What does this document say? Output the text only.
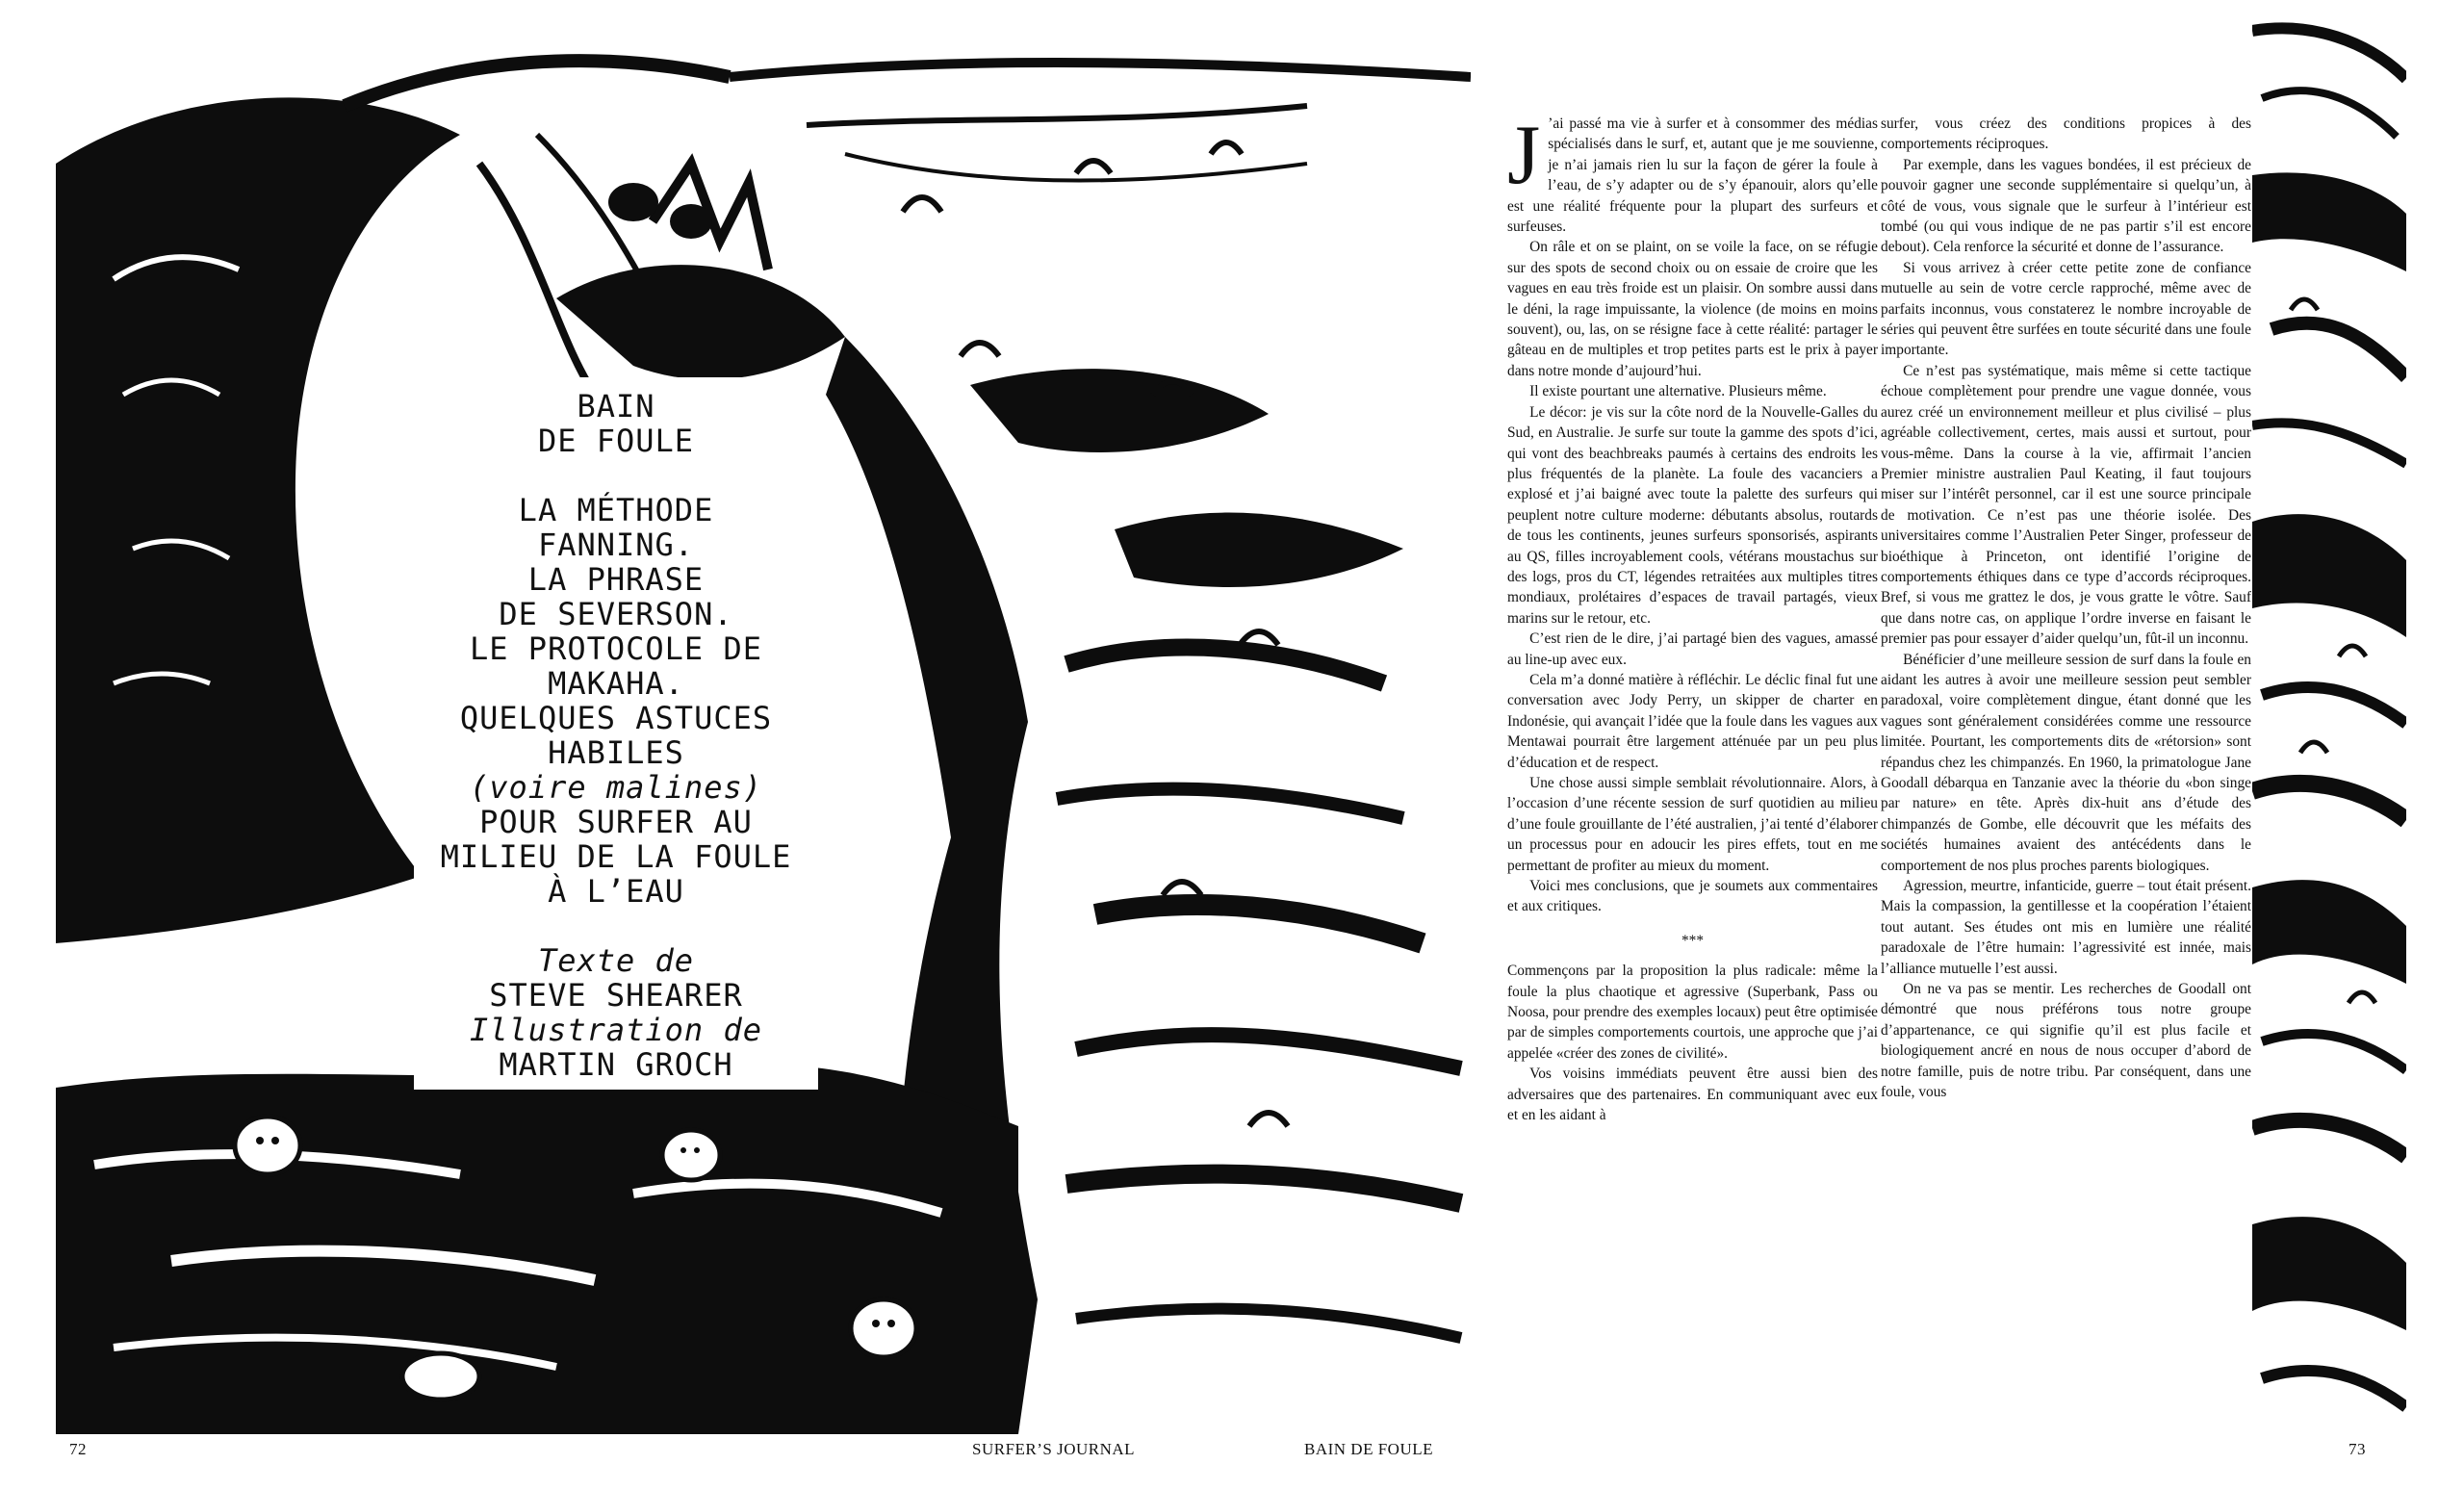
BAIN
DE FOULE
LA MÉTHODE
FANNING.
LA PHRASE
DE SEVERSON.
LE PROTOCOLE DE
MAKAHA.
QUELQUES ASTUCES
HABILES
(voire malines)
POUR SURFER AU
MILIEU DE LA FOULE
À L’EAU
Texte de
STEVE SHEARER
Illustration de
MARTIN GROCH

J ’ai passé ma vie à surfer et à consommer des médias spécialisés dans le surf, et, autant que je me souvienne, je n’ai jamais rien lu sur la façon de gérer la foule à l’eau, de s’y adapter ou de s’y épanouir, alors qu’elle est une réalité fréquente pour la plupart des surfeurs et surfeuses.

On râle et on se plaint, on se voile la face, on se réfugie sur des spots de second choix ou on essaie de croire que les vagues en eau très froide est un plaisir. On sombre aussi dans le déni, la rage impuissante, la violence (de moins en moins souvent), ou, las, on se résigne face à cette réalité: partager le gâteau en de multiples et trop petites parts est le prix à payer dans notre monde d’aujourd’hui.

Il existe pourtant une alternative. Plusieurs même.

Le décor: je vis sur la côte nord de la Nouvelle-Galles du Sud, en Australie. Je surfe sur toute la gamme des spots d’ici, qui vont des beachbreaks paumés à certains des endroits les plus fréquentés de la planète. La foule des vacanciers a explosé et j’ai baigné avec toute la palette des surfeurs qui peuplent notre culture moderne: débutants absolus, routards de tous les continents, jeunes surfeurs sponsorisés, aspirants au QS, filles incroyablement cools, vétérans moustachus sur des logs, pros du CT, légendes retraitées aux multiples titres mondiaux, prolétaires d’espaces de travail partagés, vieux marins sur le retour, etc.

C’est rien de le dire, j’ai partagé bien des vagues, amassé au line-up avec eux.

Cela m’a donné matière à réfléchir. Le déclic final fut une conversation avec Jody Perry, un skipper de charter en Indonésie, qui avançait l’idée que la foule dans les vagues aux Mentawai pourrait être largement atténuée par un peu plus d’éducation et de respect.

Une chose aussi simple semblait révolutionnaire. Alors, à l’occasion d’une récente session de surf quotidien au milieu d’une foule grouillante de l’été australien, j’ai tenté d’élaborer un processus pour en adoucir les pires effets, tout en me permettant de profiter au mieux du moment.

Voici mes conclusions, que je soumets aux commentaires et aux critiques.

***

Commençons par la proposition la plus radicale: même la foule la plus chaotique et agressive (Superbank, Pass ou Noosa, pour prendre des exemples locaux) peut être optimisée par de simples comportements courtois, une approche que j’ai appelée «créer des zones de civilité».

Vos voisins immédiats peuvent être aussi bien des adversaires que des partenaires. En communiquant avec eux et en les aidant à

surfer, vous créez des conditions propices à des comportements réciproques.

Par exemple, dans les vagues bondées, il est précieux de pouvoir gagner une seconde supplémentaire si quelqu’un, à côté de vous, vous signale que le surfeur à l’intérieur est tombé (ou qui vous indique de ne pas partir s’il est encore debout). Cela renforce la sécurité et donne de l’assurance.

Si vous arrivez à créer cette petite zone de confiance mutuelle au sein de votre cercle rapproché, même avec de parfaits inconnus, vous constaterez le nombre incroyable de séries qui peuvent être surfées en toute sécurité dans une foule importante.

Ce n’est pas systématique, mais même si cette tactique échoue complètement pour prendre une vague donnée, vous aurez créé un environnement meilleur et plus civilisé – plus agréable collectivement, certes, mais aussi et surtout, pour vous-même. Dans la course à la vie, affirmait l’ancien Premier ministre australien Paul Keating, il faut toujours miser sur l’intérêt personnel, car il est une source principale de motivation. Ce n’est pas une théorie isolée. Des universitaires comme l’Australien Peter Singer, professeur de bioéthique à Princeton, ont identifié l’origine de comportements éthiques dans ce type d’accords réciproques. Bref, si vous me grattez le dos, je vous gratte le vôtre. Sauf que dans notre cas, on applique l’ordre inverse en faisant le premier pas pour essayer d’aider quelqu’un, fût-il un inconnu.

Bénéficier d’une meilleure session de surf dans la foule en aidant les autres à avoir une meilleure session peut sembler paradoxal, voire complètement dingue, étant donné que les vagues sont généralement considérées comme une ressource limitée. Pourtant, les comportements dits de «rétorsion» sont répandus chez les chimpanzés. En 1960, la primatologue Jane Goodall débarqua en Tanzanie avec la théorie du «bon singe par nature» en tête. Après dix-huit ans d’étude des chimpanzés de Gombe, elle découvrit que les méfaits des sociétés humaines avaient des antécédents dans le comportement de nos plus proches parents biologiques.

Agression, meurtre, infanticide, guerre – tout était présent. Mais la compassion, la gentillesse et la coopération l’étaient tout autant. Ses études ont mis en lumière une réalité paradoxale de l’être humain: l’agressivité est innée, mais l’alliance mutuelle l’est aussi.

On ne va pas se mentir. Les recherches de Goodall ont démontré que nous préférons tous notre groupe d’appartenance, ce qui signifie qu’il est plus facile et biologiquement ancré en nous de nous occuper d’abord de notre famille, puis de notre tribu. Par conséquent, dans une foule, vous

72	SURFER’S JOURNAL	BAIN DE FOULE	73
